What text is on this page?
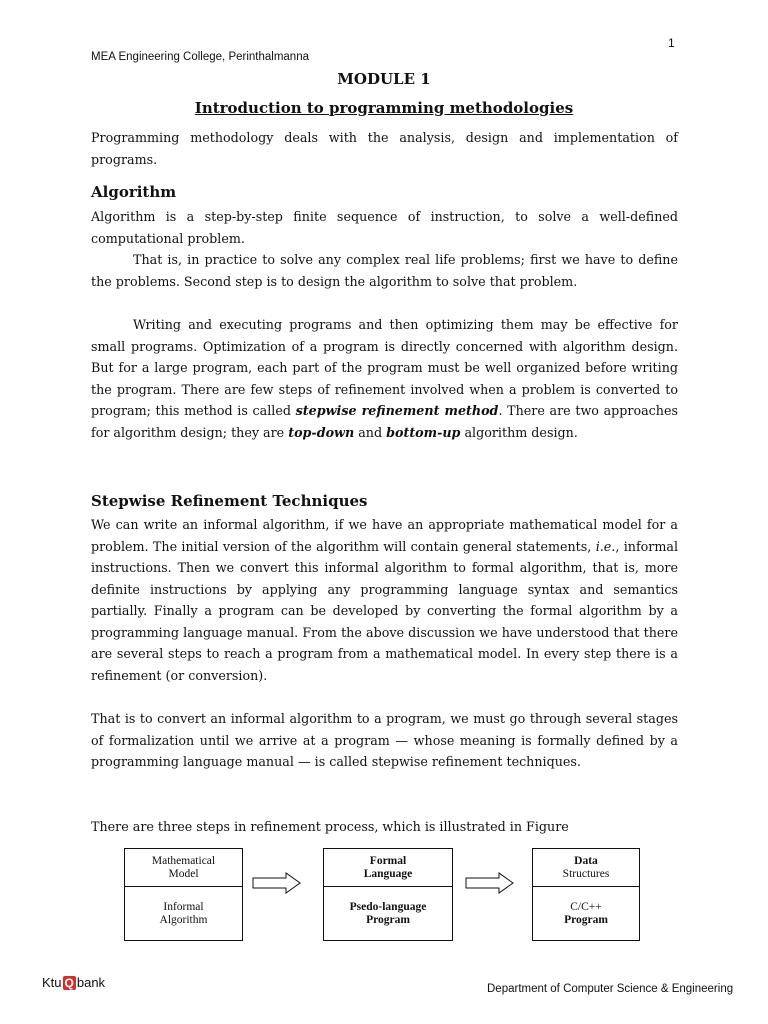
1
MEA Engineering College, Perinthalmanna
MODULE 1
Introduction to programming methodologies

Programming methodology deals with the analysis, design and implementation of programs.

Algorithm

Algorithm is a step-by-step finite sequence of instruction, to solve a well-defined computational problem.

That is, in practice to solve any complex real life problems; first we have to define the problems. Second step is to design the algorithm to solve that problem.

Writing and executing programs and then optimizing them may be effective for small programs. Optimization of a program is directly concerned with algorithm design. But for a large program, each part of the program must be well organized before writing the program. There are few steps of refinement involved when a problem is converted to program; this method is called stepwise refinement method. There are two approaches for algorithm design; they are top-down and bottom-up algorithm design.

Stepwise Refinement Techniques

We can write an informal algorithm, if we have an appropriate mathematical model for a problem. The initial version of the algorithm will contain general statements, i.e., informal instructions. Then we convert this informal algorithm to formal algorithm, that is, more definite instructions by applying any programming language syntax and semantics partially. Finally a program can be developed by converting the formal algorithm by a programming language manual. From the above discussion we have understood that there are several steps to reach a program from a mathematical model. In every step there is a refinement (or conversion).

That is to convert an informal algorithm to a program, we must go through several stages of formalization until we arrive at a program — whose meaning is formally defined by a programming language manual — is called stepwise refinement techniques.

There are three steps in refinement process, which is illustrated in Figure

Mathematical
Model
Informal
Algorithm
Formal
Language
Psedo-language
Program
Data
Structures
C/C++
Program
Ktu Q bank	Department of Computer Science & Engineering
